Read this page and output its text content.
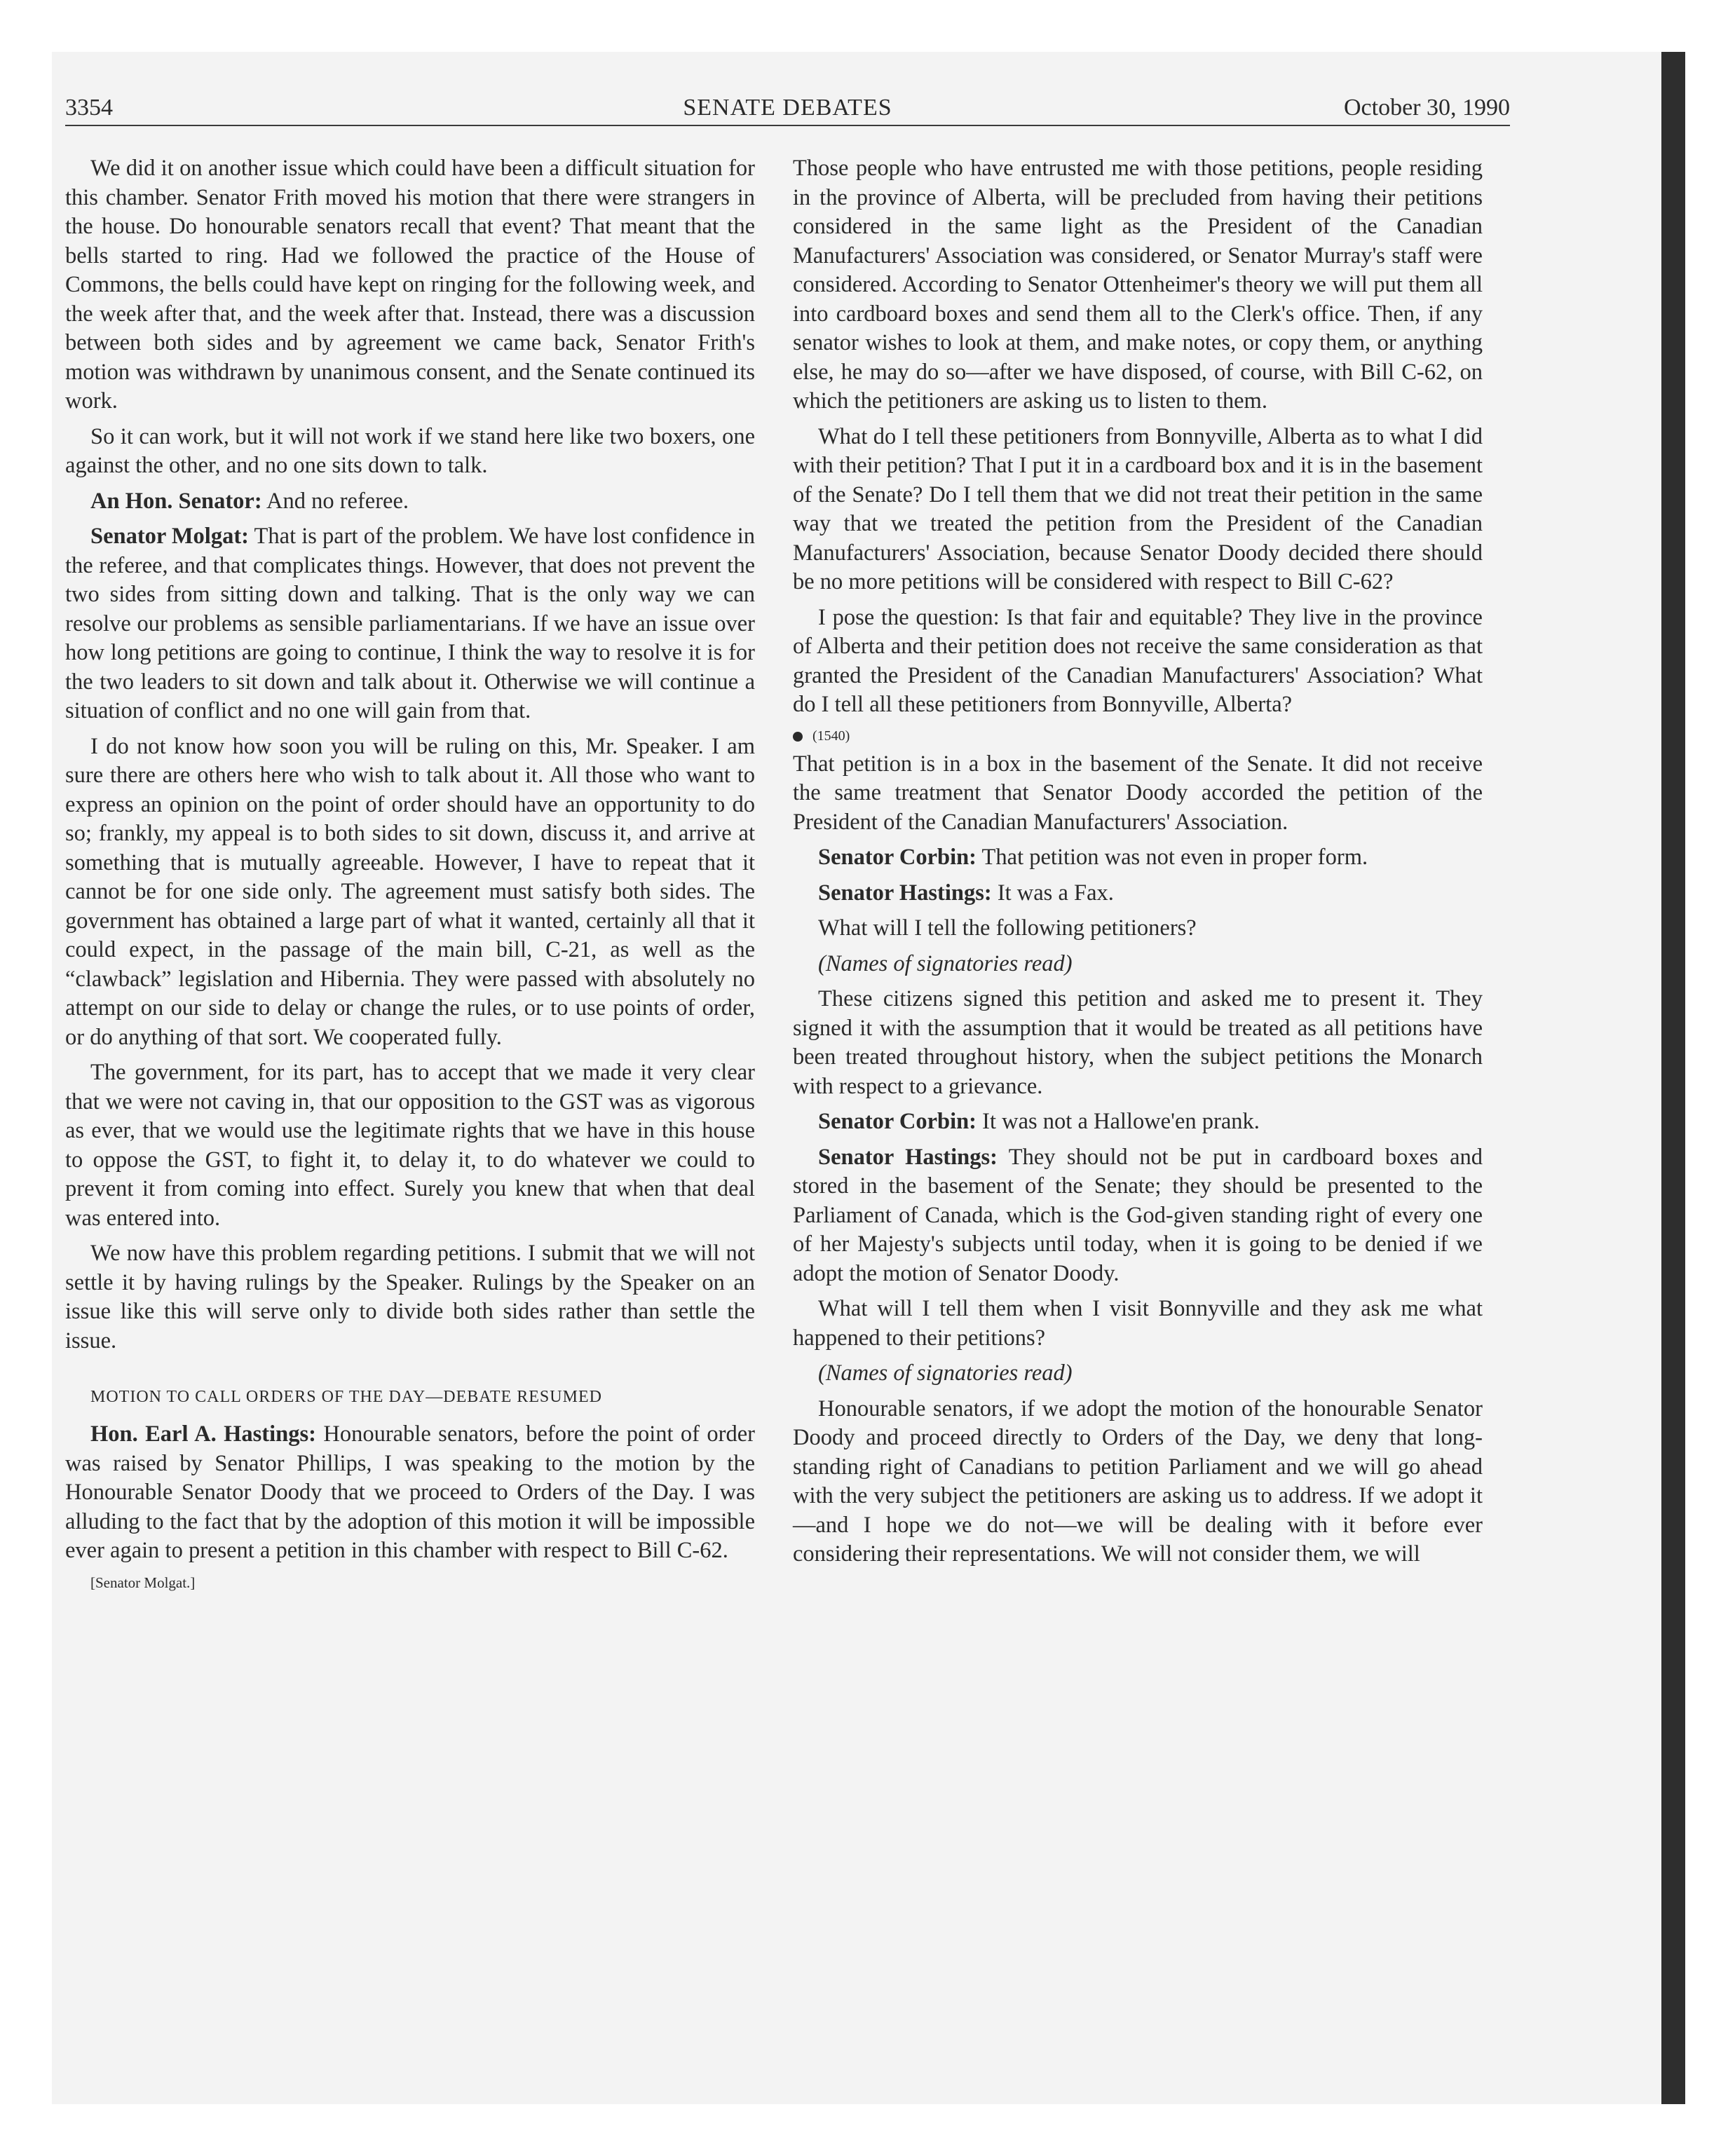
3354	SENATE DEBATES	October 30, 1990

We did it on another issue which could have been a difficult situation for this chamber. Senator Frith moved his motion that there were strangers in the house. Do honourable senators recall that event? That meant that the bells started to ring. Had we followed the practice of the House of Commons, the bells could have kept on ringing for the following week, and the week after that, and the week after that. Instead, there was a discussion between both sides and by agreement we came back, Senator Frith's motion was withdrawn by unanimous consent, and the Senate continued its work.

So it can work, but it will not work if we stand here like two boxers, one against the other, and no one sits down to talk.

An Hon. Senator: And no referee.

Senator Molgat: That is part of the problem. We have lost confidence in the referee, and that complicates things. However, that does not prevent the two sides from sitting down and talking. That is the only way we can resolve our problems as sensible parliamentarians. If we have an issue over how long petitions are going to continue, I think the way to resolve it is for the two leaders to sit down and talk about it. Otherwise we will continue a situation of conflict and no one will gain from that.

I do not know how soon you will be ruling on this, Mr. Speaker. I am sure there are others here who wish to talk about it. All those who want to express an opinion on the point of order should have an opportunity to do so; frankly, my appeal is to both sides to sit down, discuss it, and arrive at something that is mutually agreeable. However, I have to repeat that it cannot be for one side only. The agreement must satisfy both sides. The government has obtained a large part of what it wanted, certainly all that it could expect, in the passage of the main bill, C-21, as well as the “clawback” legislation and Hibernia. They were passed with absolutely no attempt on our side to delay or change the rules, or to use points of order, or do anything of that sort. We cooperated fully.

The government, for its part, has to accept that we made it very clear that we were not caving in, that our opposition to the GST was as vigorous as ever, that we would use the legitimate rights that we have in this house to oppose the GST, to fight it, to delay it, to do whatever we could to prevent it from coming into effect. Surely you knew that when that deal was entered into.

We now have this problem regarding petitions. I submit that we will not settle it by having rulings by the Speaker. Rulings by the Speaker on an issue like this will serve only to divide both sides rather than settle the issue.

MOTION TO CALL ORDERS OF THE DAY—DEBATE RESUMED

Hon. Earl A. Hastings: Honourable senators, before the point of order was raised by Senator Phillips, I was speaking to the motion by the Honourable Senator Doody that we proceed to Orders of the Day. I was alluding to the fact that by the adoption of this motion it will be impossible ever again to present a petition in this chamber with respect to Bill C-62.

[Senator Molgat.]

Those people who have entrusted me with those petitions, people residing in the province of Alberta, will be precluded from having their petitions considered in the same light as the President of the Canadian Manufacturers' Association was considered, or Senator Murray's staff were considered. According to Senator Ottenheimer's theory we will put them all into cardboard boxes and send them all to the Clerk's office. Then, if any senator wishes to look at them, and make notes, or copy them, or anything else, he may do so—after we have disposed, of course, with Bill C-62, on which the petitioners are asking us to listen to them.

What do I tell these petitioners from Bonnyville, Alberta as to what I did with their petition? That I put it in a cardboard box and it is in the basement of the Senate? Do I tell them that we did not treat their petition in the same way that we treated the petition from the President of the Canadian Manufacturers' Association, because Senator Doody decided there should be no more petitions will be considered with respect to Bill C-62?

I pose the question: Is that fair and equitable? They live in the province of Alberta and their petition does not receive the same consideration as that granted the President of the Canadian Manufacturers' Association? What do I tell all these petitioners from Bonnyville, Alberta?

(1540)

That petition is in a box in the basement of the Senate. It did not receive the same treatment that Senator Doody accorded the petition of the President of the Canadian Manufacturers' Association.

Senator Corbin: That petition was not even in proper form.

Senator Hastings: It was a Fax.

What will I tell the following petitioners?

(Names of signatories read)

These citizens signed this petition and asked me to present it. They signed it with the assumption that it would be treated as all petitions have been treated throughout history, when the subject petitions the Monarch with respect to a grievance.

Senator Corbin: It was not a Hallowe'en prank.

Senator Hastings: They should not be put in cardboard boxes and stored in the basement of the Senate; they should be presented to the Parliament of Canada, which is the God-given standing right of every one of her Majesty's subjects until today, when it is going to be denied if we adopt the motion of Senator Doody.

What will I tell them when I visit Bonnyville and they ask me what happened to their petitions?

(Names of signatories read)

Honourable senators, if we adopt the motion of the honourable Senator Doody and proceed directly to Orders of the Day, we deny that long-standing right of Canadians to petition Parliament and we will go ahead with the very subject the petitioners are asking us to address. If we adopt it—and I hope we do not—we will be dealing with it before ever considering their representations. We will not consider them, we will
